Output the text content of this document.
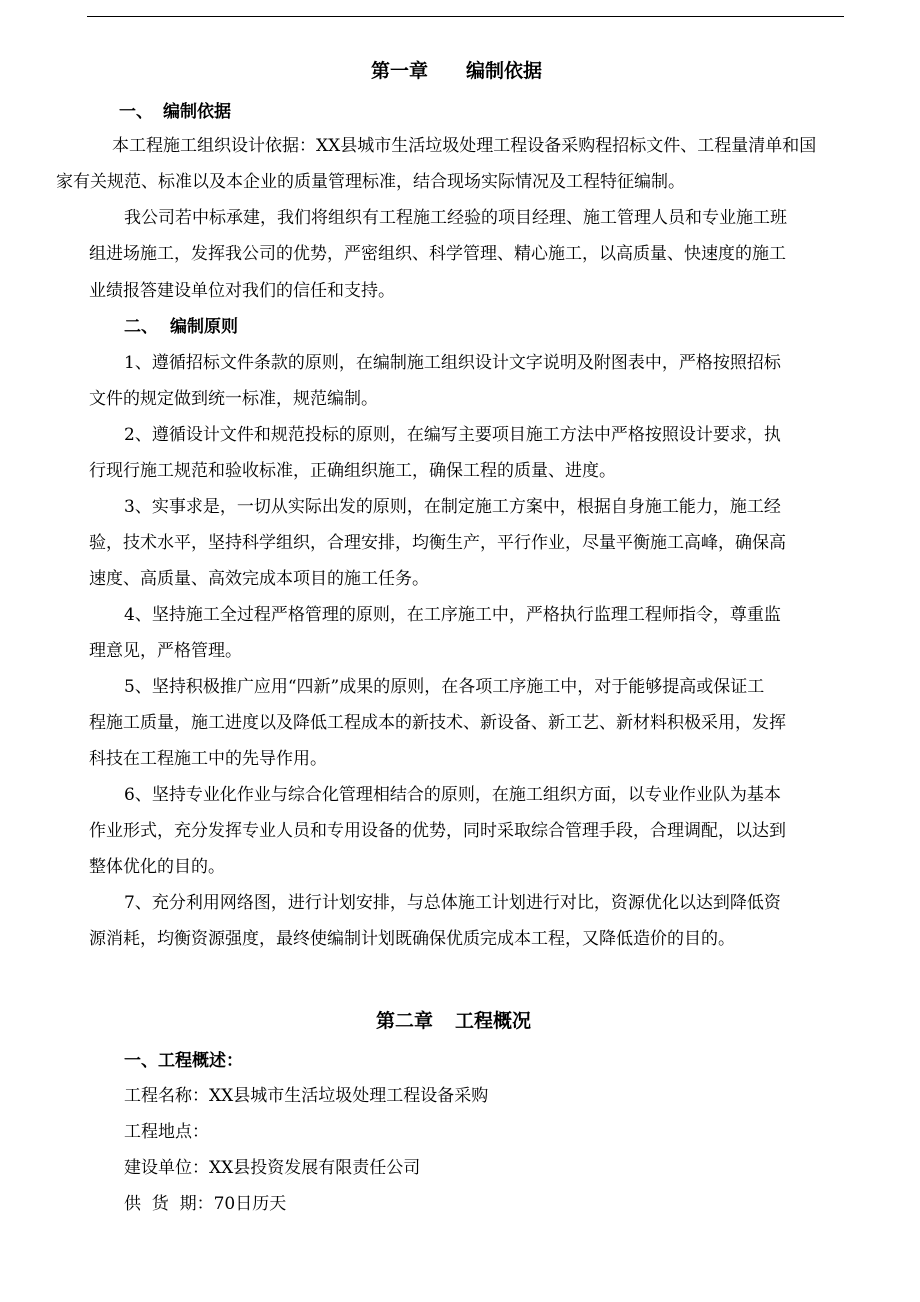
第一章 编制依据
一、 编制依据
本工程施工组织设计依据：XX县城市生活垃圾处理工程设备采购程招标文件、工程量清单和国
家有关规范、标准以及本企业的质量管理标准，结合现场实际情况及工程特征编制。
我公司若中标承建，我们将组织有工程施工经验的项目经理、施工管理人员和专业施工班
组进场施工，发挥我公司的优势，严密组织、科学管理、精心施工，以高质量、快速度的施工
业绩报答建设单位对我们的信任和支持。
二、 编制原则
1、遵循招标文件条款的原则，在编制施工组织设计文字说明及附图表中，严格按照招标
文件的规定做到统一标准，规范编制。
2、遵循设计文件和规范投标的原则，在编写主要项目施工方法中严格按照设计要求，执
行现行施工规范和验收标准，正确组织施工，确保工程的质量、进度。
3、实事求是，一切从实际出发的原则，在制定施工方案中，根据自身施工能力，施工经
验，技术水平，坚持科学组织，合理安排，均衡生产，平行作业，尽量平衡施工高峰，确保高
速度、高质量、高效完成本项目的施工任务。
4、坚持施工全过程严格管理的原则，在工序施工中，严格执行监理工程师指令，尊重监
理意见，严格管理。
5、坚持积极推广应用“四新”成果的原则，在各项工序施工中，对于能够提高或保证工
程施工质量，施工进度以及降低工程成本的新技术、新设备、新工艺、新材料积极采用，发挥
科技在工程施工中的先导作用。
6、坚持专业化作业与综合化管理相结合的原则，在施工组织方面，以专业作业队为基本
作业形式，充分发挥专业人员和专用设备的优势，同时采取综合管理手段，合理调配，以达到
整体优化的目的。
7、充分利用网络图，进行计划安排，与总体施工计划进行对比，资源优化以达到降低资
源消耗，均衡资源强度，最终使编制计划既确保优质完成本工程，又降低造价的目的。
第二章 工程概况
一、工程概述：
工程名称：XX县城市生活垃圾处理工程设备采购
工程地点：
建设单位：XX县投资发展有限责任公司
供  货  期：70日历天
